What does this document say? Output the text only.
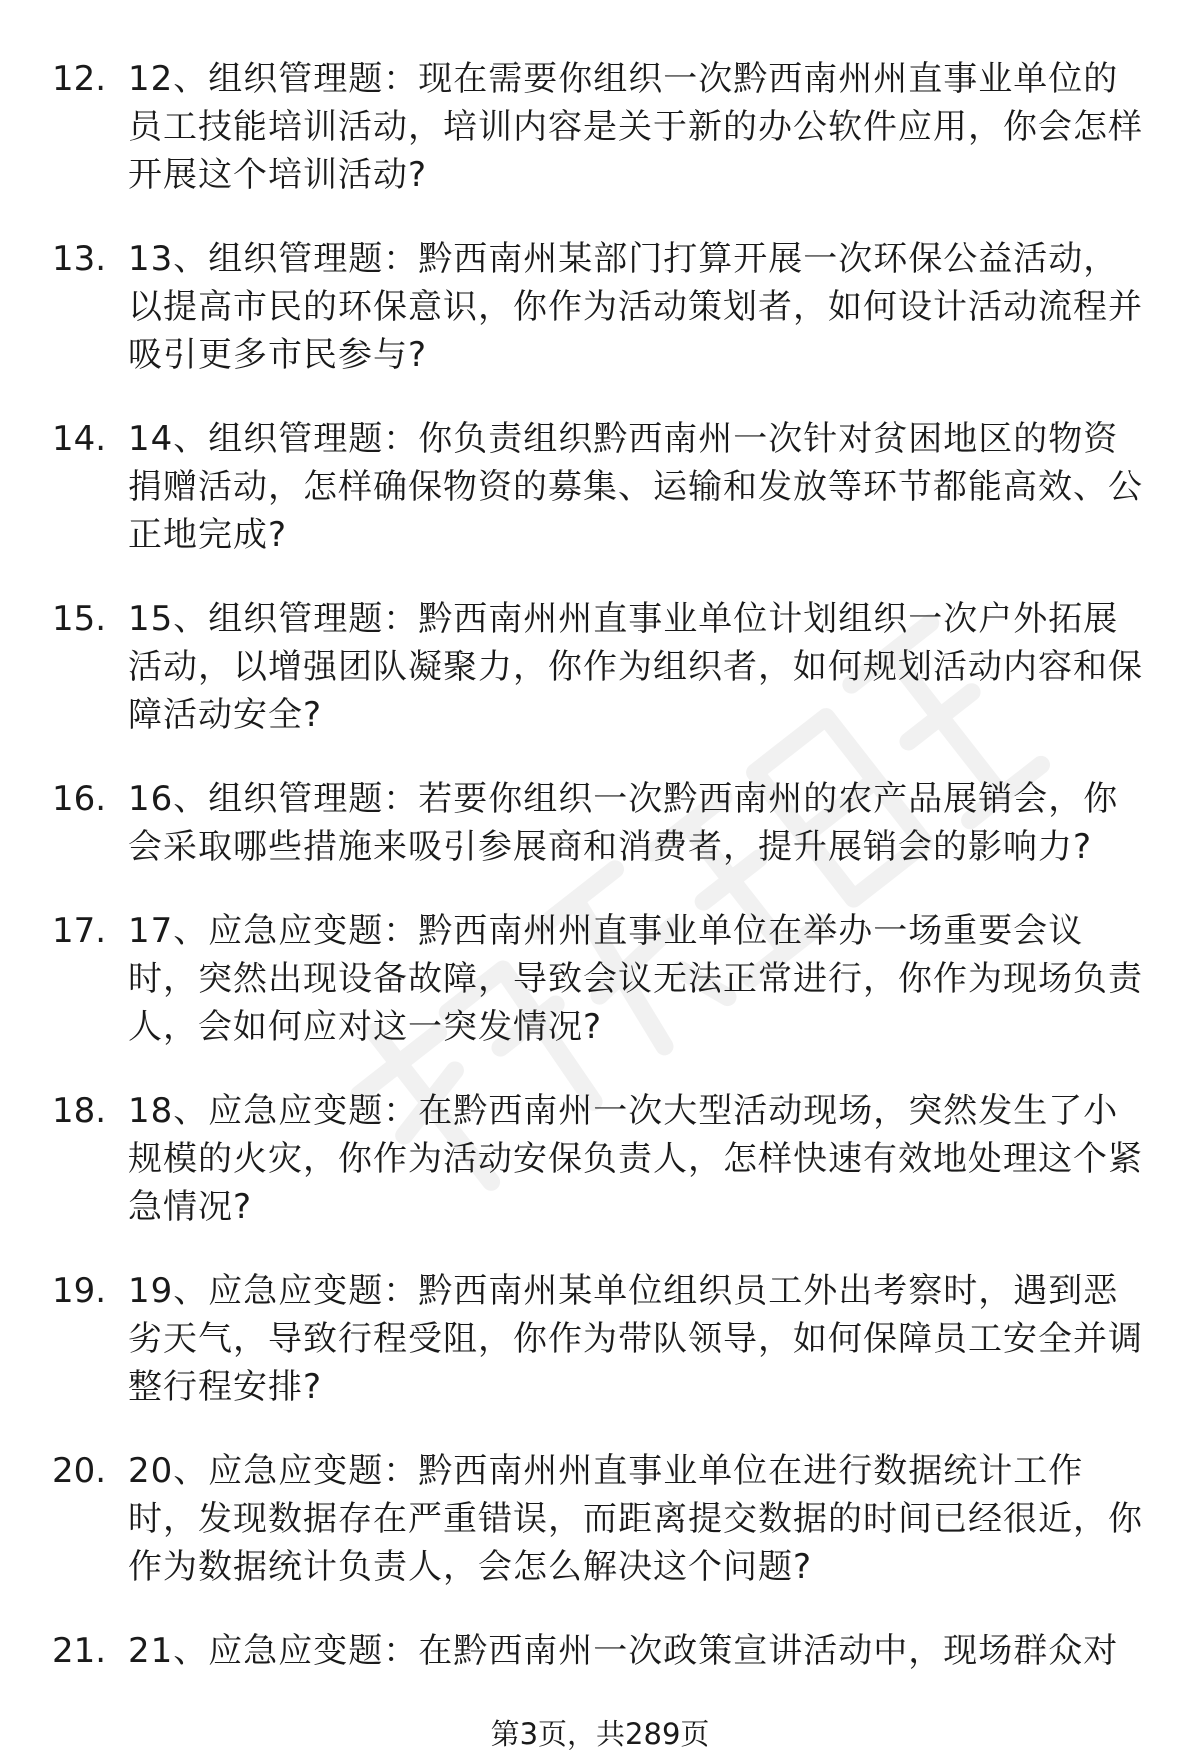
12. 12、组织管理题：现在需要你组织一次黔西南州州直事业单位的员工技能培训活动，培训内容是关于新的办公软件应用，你会怎样开展这个培训活动?
13. 13、组织管理题：黔西南州某部门打算开展一次环保公益活动，以提高市民的环保意识，你作为活动策划者，如何设计活动流程并吸引更多市民参与?
14. 14、组织管理题：你负责组织黔西南州一次针对贫困地区的物资捐赠活动，怎样确保物资的募集、运输和发放等环节都能高效、公正地完成?
15. 15、组织管理题：黔西南州州直事业单位计划组织一次户外拓展活动，以增强团队凝聚力，你作为组织者，如何规划活动内容和保障活动安全?
16. 16、组织管理题：若要你组织一次黔西南州的农产品展销会，你会采取哪些措施来吸引参展商和消费者，提升展销会的影响力?
17. 17、应急应变题：黔西南州州直事业单位在举办一场重要会议时，突然出现设备故障，导致会议无法正常进行，你作为现场负责人，会如何应对这一突发情况?
18. 18、应急应变题：在黔西南州一次大型活动现场，突然发生了小规模的火灾，你作为活动安保负责人，怎样快速有效地处理这个紧急情况?
19. 19、应急应变题：黔西南州某单位组织员工外出考察时，遇到恶劣天气，导致行程受阻，你作为带队领导，如何保障员工安全并调整行程安排?
20. 20、应急应变题：黔西南州州直事业单位在进行数据统计工作时，发现数据存在严重错误，而距离提交数据的时间已经很近，你作为数据统计负责人，会怎么解决这个问题?
21. 21、应急应变题：在黔西南州一次政策宣讲活动中，现场群众对
第3页，共289页
